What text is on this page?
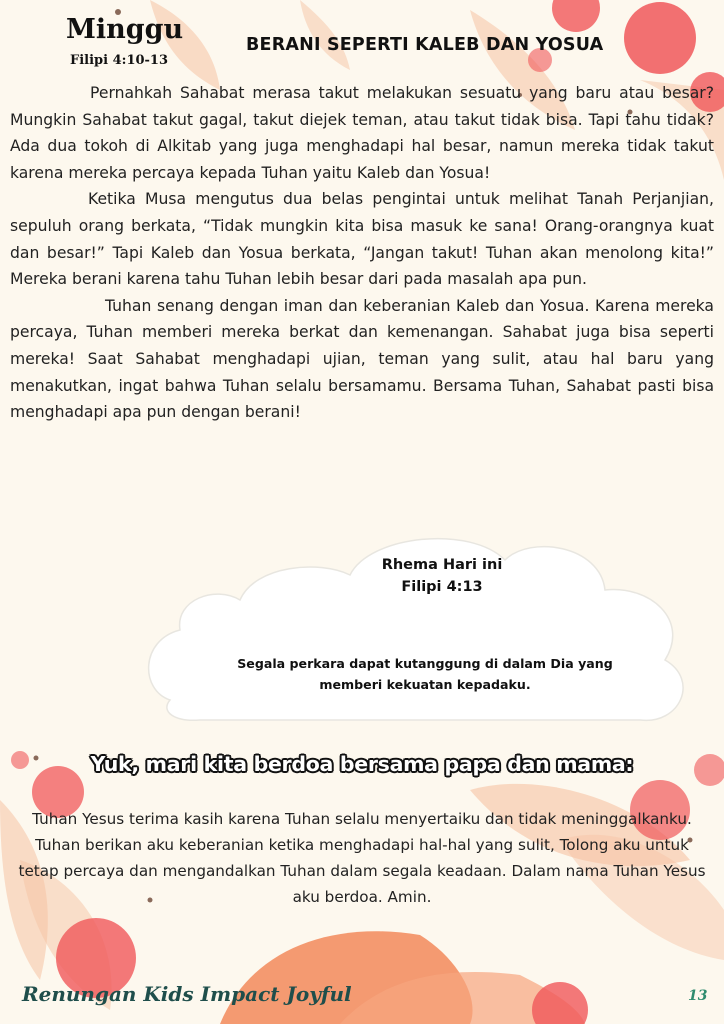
Minggu
Filipi 4:10-13
BERANI SEPERTI KALEB DAN YOSUA

Pernahkah Sahabat merasa takut melakukan sesuatu yang baru atau besar? Mungkin Sahabat takut gagal, takut diejek teman, atau takut tidak bisa. Tapi tahu tidak? Ada dua tokoh di Alkitab yang juga menghadapi hal besar, namun mereka tidak takut karena mereka percaya kepada Tuhan yaitu Kaleb dan Yosua!

Ketika Musa mengutus dua belas pengintai untuk melihat Tanah Perjanjian, sepuluh orang berkata, “Tidak mungkin kita bisa masuk ke sana! Orang-orangnya kuat dan besar!” Tapi Kaleb dan Yosua berkata, “Jangan takut! Tuhan akan menolong kita!” Mereka berani karena tahu Tuhan lebih besar dari pada masalah apa pun.

Tuhan senang dengan iman dan keberanian Kaleb dan Yosua. Karena mereka percaya, Tuhan memberi mereka berkat dan kemenangan. Sahabat juga bisa seperti mereka! Saat Sahabat menghadapi ujian, teman yang sulit, atau hal baru yang menakutkan, ingat bahwa Tuhan selalu bersamamu. Bersama Tuhan, Sahabat pasti bisa menghadapi apa pun dengan berani!

Rhema Hari ini
Filipi 4:13
Segala perkara dapat kutanggung di dalam Dia yang memberi kekuatan kepadaku.
Yuk, mari kita berdoa bersama papa dan mama:
Tuhan Yesus terima kasih karena Tuhan selalu menyertaiku dan tidak meninggalkanku. Tuhan berikan aku keberanian ketika menghadapi hal-hal yang sulit, Tolong aku untuk tetap percaya dan mengandalkan Tuhan dalam segala keadaan. Dalam nama Tuhan Yesus aku berdoa. Amin.
Renungan Kids Impact Joyful	13
